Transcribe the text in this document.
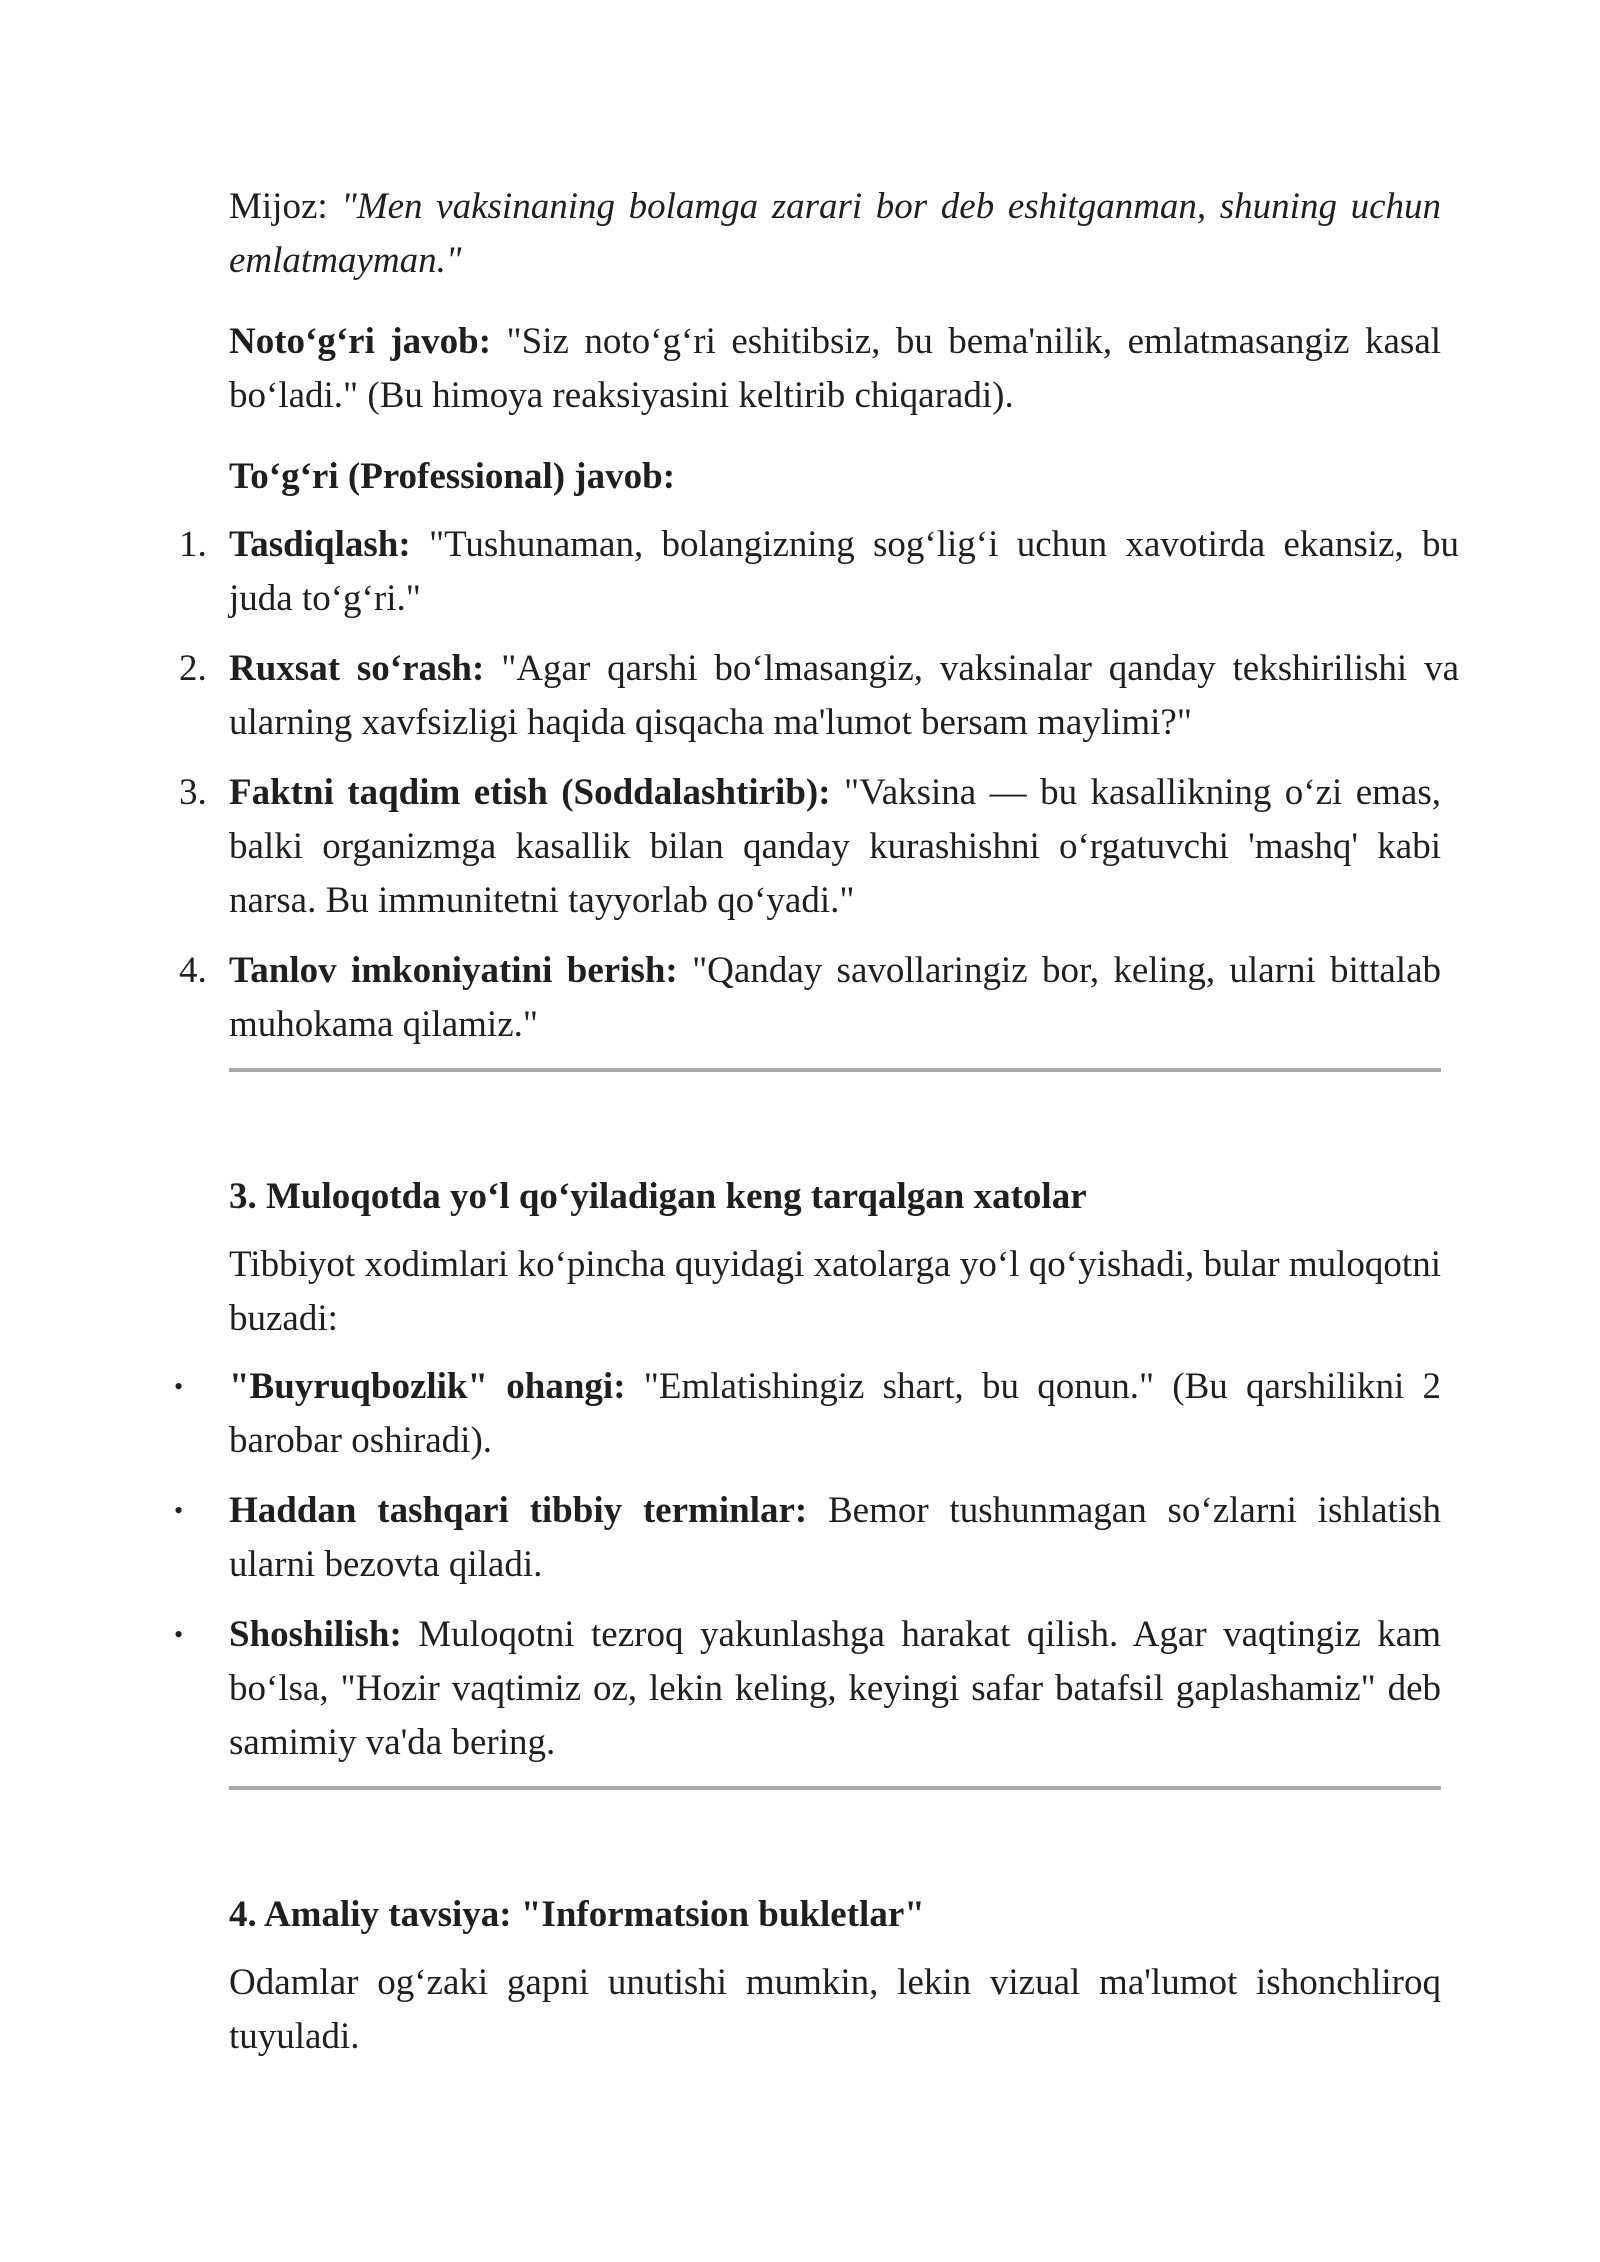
Mijoz: "Men vaksinaning bolamga zarari bor deb eshitganman, shuning uchun emlatmayman."

Noto‘g‘ri javob: "Siz noto‘g‘ri eshitibsiz, bu bema'nilik, emlatmasangiz kasal bo‘ladi." (Bu himoya reaksiyasini keltirib chiqaradi).

To‘g‘ri (Professional) javob:

1. Tasdiqlash: "Tushunaman, bolangizning sog‘lig‘i uchun xavotirda ekansiz, bu juda to‘g‘ri."
2. Ruxsat so‘rash: "Agar qarshi bo‘lmasangiz, vaksinalar qanday tekshirilishi va ularning xavfsizligi haqida qisqacha ma'lumot bersam maylimi?"
3. Faktni taqdim etish (Soddalashtirib): "Vaksina — bu kasallikning o‘zi emas, balki organizmga kasallik bilan qanday kurashishni o‘rgatuvchi 'mashq' kabi narsa. Bu immunitetni tayyorlab qo‘yadi."
4. Tanlov imkoniyatini berish: "Qanday savollaringiz bor, keling, ularni bittalab muhokama qilamiz."

3. Muloqotda yo‘l qo‘yiladigan keng tarqalgan xatolar

Tibbiyot xodimlari ko‘pincha quyidagi xatolarga yo‘l qo‘yishadi, bular muloqotni buzadi:

• "Buyruqbozlik" ohangi: "Emlatishingiz shart, bu qonun." (Bu qarshilikni 2 barobar oshiradi).
• Haddan tashqari tibbiy terminlar: Bemor tushunmagan so‘zlarni ishlatish ularni bezovta qiladi.
• Shoshilish: Muloqotni tezroq yakunlashga harakat qilish. Agar vaqtingiz kam bo‘lsa, "Hozir vaqtimiz oz, lekin keling, keyingi safar batafsil gaplashamiz" deb samimiy va'da bering.

4. Amaliy tavsiya: "Informatsion bukletlar"

Odamlar og‘zaki gapni unutishi mumkin, lekin vizual ma'lumot ishonchliroq tuyuladi.
